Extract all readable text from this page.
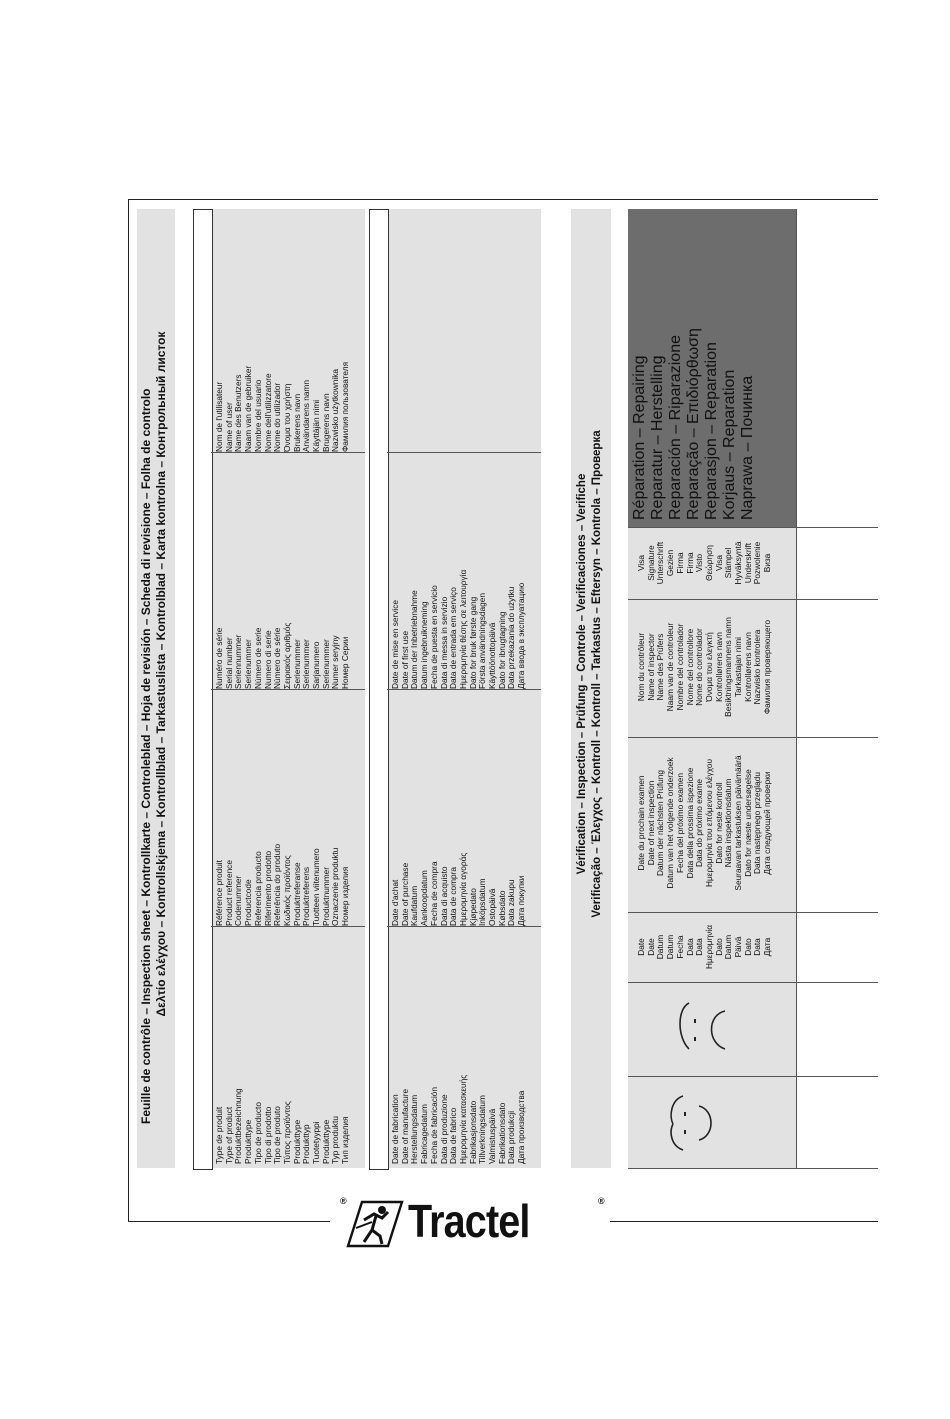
Feuille de contrôle – Inspection sheet – Kontrollkarte – Controleblad – Hoja de revisión – Scheda di revisione – Folha de controlo Δελτίο ελέγχου – Kontrollskjema – Kontrollblad – Tarkastuslista – Kontrolblad – Karta kontrolna – Контрольный листок
Type de produit Type of product Produktbezeichnung Produkttype Tipo de producto Tipo di prodotto Tipo de produto Τύπος προϊόντος Produkttype Produkttyp Tuotetyyppi Produkttype Typ produktu Тип изделия
Référence produit Product reference Codenummer Productcode Referencia producto Riferimento prodotto Referência do produto Κωδικός προϊόντος Produktreferanse Produktreferens Tuotteen viitenumero Produktnummer Oznaczenie produktu Номер изделия
Numéro de série Serial number Seriennummer Serienummer Número de serie Numero di serie Número de série Σειριακός αριθμός Serienummer Serienummer Sarjanumero Serienummer Numer seryjny Номер Серии
Nom de l'utilisateur Name of user Name des Benutzers Naam van de gebruiker Nombre del usuario Nome dell'utilizzatore Nome do utilizador Όνομα του χρήστη Brukerens navn Användarens namn Käyttäjän nimi Brugerens navn Nazwisko użytkownika Фамилия пользователя
Date de fabrication Date of manufacture Herstellungsdatum Fabricagedatum Fecha de fabricación Data di produzione Data de fabrico Ημερομηνία κατασκευής Fabrikasjonsdato Tillverkningsdatum Valmistuspäivä Fabrikationsdato Data produkcji Дата производства
Date d'achat Date of purchase Kaufdatum Aankoopdatum Fecha de compra Data di acquisto Data de compra Ημερομηνία αγοράς Kjøpedato Inköpsdatum Ostopäivä Købsdato Data zakupu Дата покупки
Date de mise en service Date of first use Datum der Inbetriebnahme Datum ingebruikneming Fecha de puesta en servicio Data di messa in servizio Data de entrada em serviço Ημερομηνία θέσης σε λειτουργία Dato for bruk første gang Första användningsdagen Käyttöönottopäivä Dato for ibrugtagning Data przekazania do użytku Дата ввода в эксплуатацию	Vérification – Inspection – Prüfung – Controle – Verificaciones – Verifiche Verificação – Έλεγχος – Kontroll – Kontroll – Tarkastus – Eftersyn – Kontrola – Проверка
Date Date Datum Datum Fecha Data Data Ημερομηνία Dato Datum Päivä Dato Data Дата
Date du prochain examen Date of next inspection Datum der nächsten Prüfung Datum van het volgende onderzoek Fecha del próximo examen Data della prossima ispezione Data do próximo exame Ημερομηνία του επόμενου ελέγχου Dato for neste kontroll Nästa inspektionsdatum Seuraavan tarkastuksen päivämäärä Dato for næste undersøgelse Data następnego przeglądu Дата следующей проверки
Nom du contrôleur Name of inspector Name des Prüfers Naam van de controleur Nombre del controlador Nome del controllore Nome do controlador Όνομα του ελεγκτή Kontrollørens navn Besiktningsmannens namn Tarkastajan nimi Kontrollørens navn Nazwisko kontrolera Фамилия проверяющего
Visa Signature Unterschrift Gezien Firma Firma Visto Θεώρηση Visa Stämpel Hyväksyntä Underskrift Pozwolenie Виза
Réparation – Repairing Reparatur – Herstelling Reparación – Riparazione Reparação – Επιδιόρθωση Reparasjon – Reparation Korjaus – Reparation Naprawa – Починка
® Tractel	®
